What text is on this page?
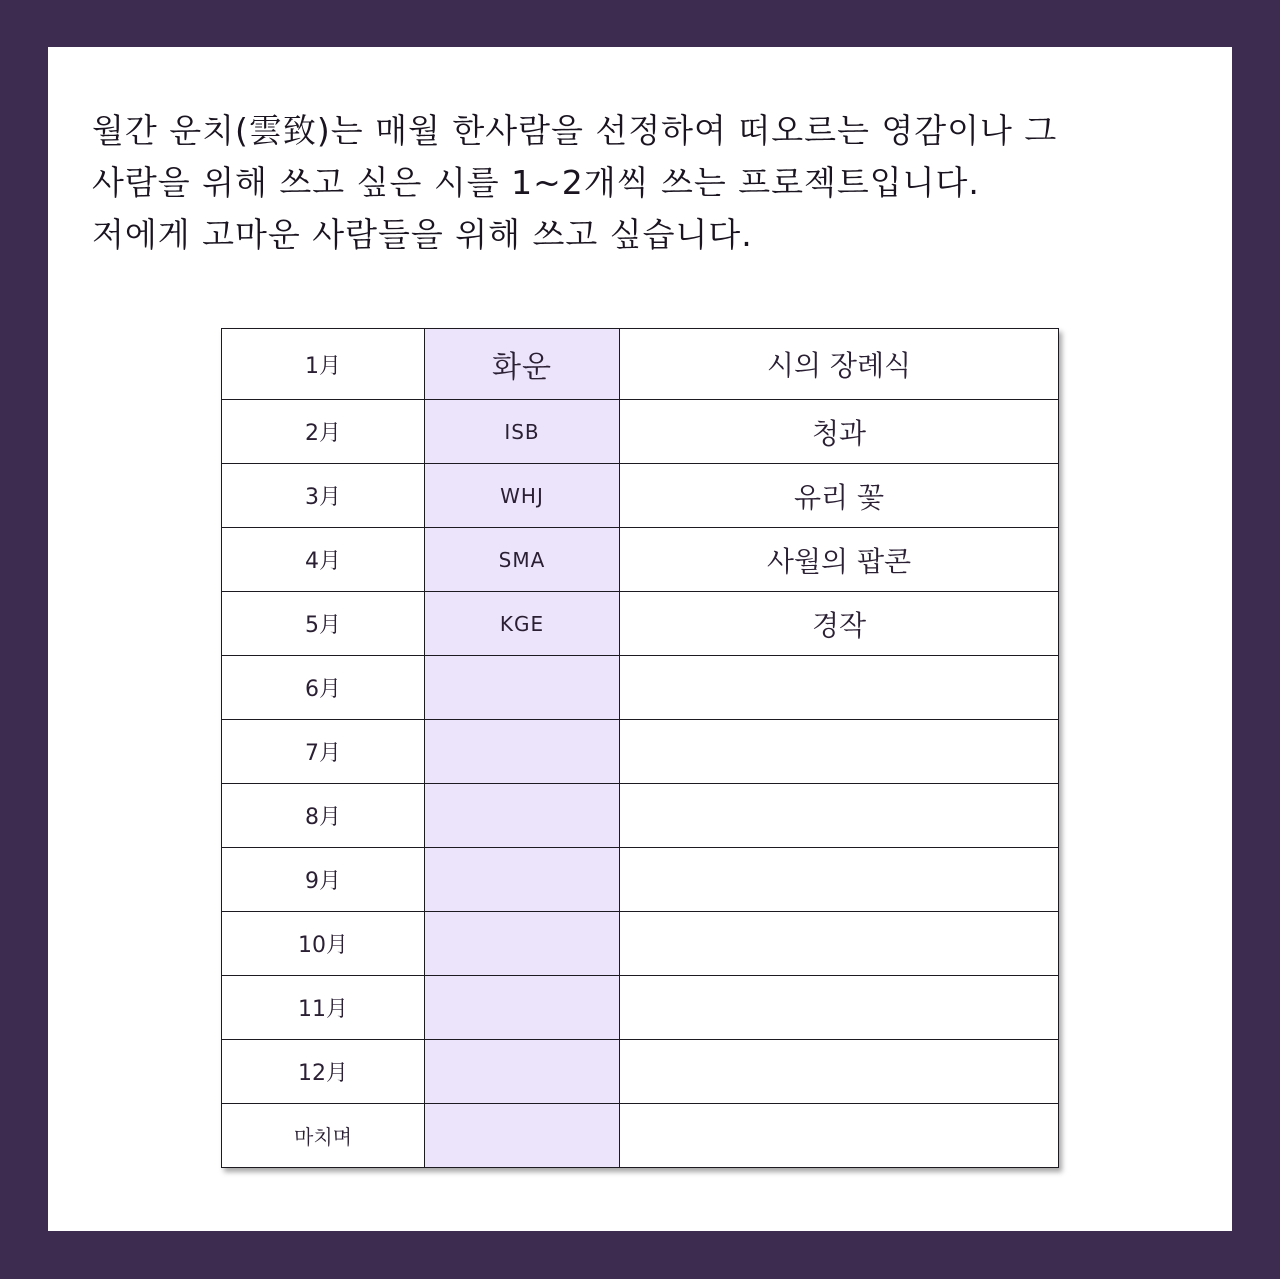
월간 운치(雲致)는 매월 한사람을 선정하여 떠오르는 영감이나 그

사람을 위해 쓰고 싶은 시를 1~2개씩 쓰는 프로젝트입니다.

저에게 고마운 사람들을 위해 쓰고 싶습니다.

1月	화운	시의 장례식
2月	ISB	청과
3月	WHJ	유리 꽃
4月	SMA	사월의 팝콘
5月	KGE	경작
6月		
7月		
8月		
9月		
10月		
11月		
12月		
마치며		
